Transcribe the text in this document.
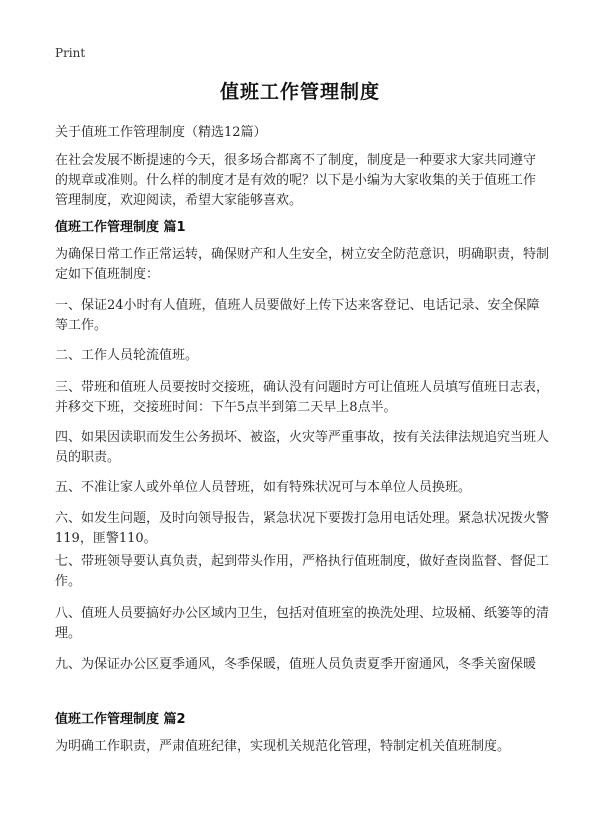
Print
值班工作管理制度
关于值班工作管理制度（精选12篇）
在社会发展不断提速的今天，很多场合都离不了制度，制度是一种要求大家共同遵守的规章或准则。什么样的制度才是有效的呢？以下是小编为大家收集的关于值班工作管理制度，欢迎阅读，希望大家能够喜欢。
值班工作管理制度 篇1
为确保日常工作正常运转，确保财产和人生安全，树立安全防范意识，明确职责，特制定如下值班制度：
一、保证24小时有人值班，值班人员要做好上传下达来客登记、电话记录、安全保障等工作。
二、工作人员轮流值班。
三、带班和值班人员要按时交接班，确认没有问题时方可让值班人员填写值班日志表，并移交下班，交接班时间：下午5点半到第二天早上8点半。
四、如果因读职而发生公务损坏、被盗，火灾等严重事故，按有关法律法规追究当班人员的职责。
五、不准让家人或外单位人员替班，如有特殊状况可与本单位人员换班。
六、如发生问题，及时向领导报告，紧急状况下要拨打急用电话处理。紧急状况拨火警119，匪警110。
七、带班领导要认真负责，起到带头作用，严格执行值班制度，做好查岗监督、督促工作。
八、值班人员要搞好办公区域内卫生，包括对值班室的换洗处理、垃圾桶、纸篓等的清理。
九、为保证办公区夏季通风，冬季保暖，值班人员负责夏季开窗通风，冬季关窗保暖
值班工作管理制度 篇2
为明确工作职责，严肃值班纪律，实现机关规范化管理，特制定机关值班制度。
